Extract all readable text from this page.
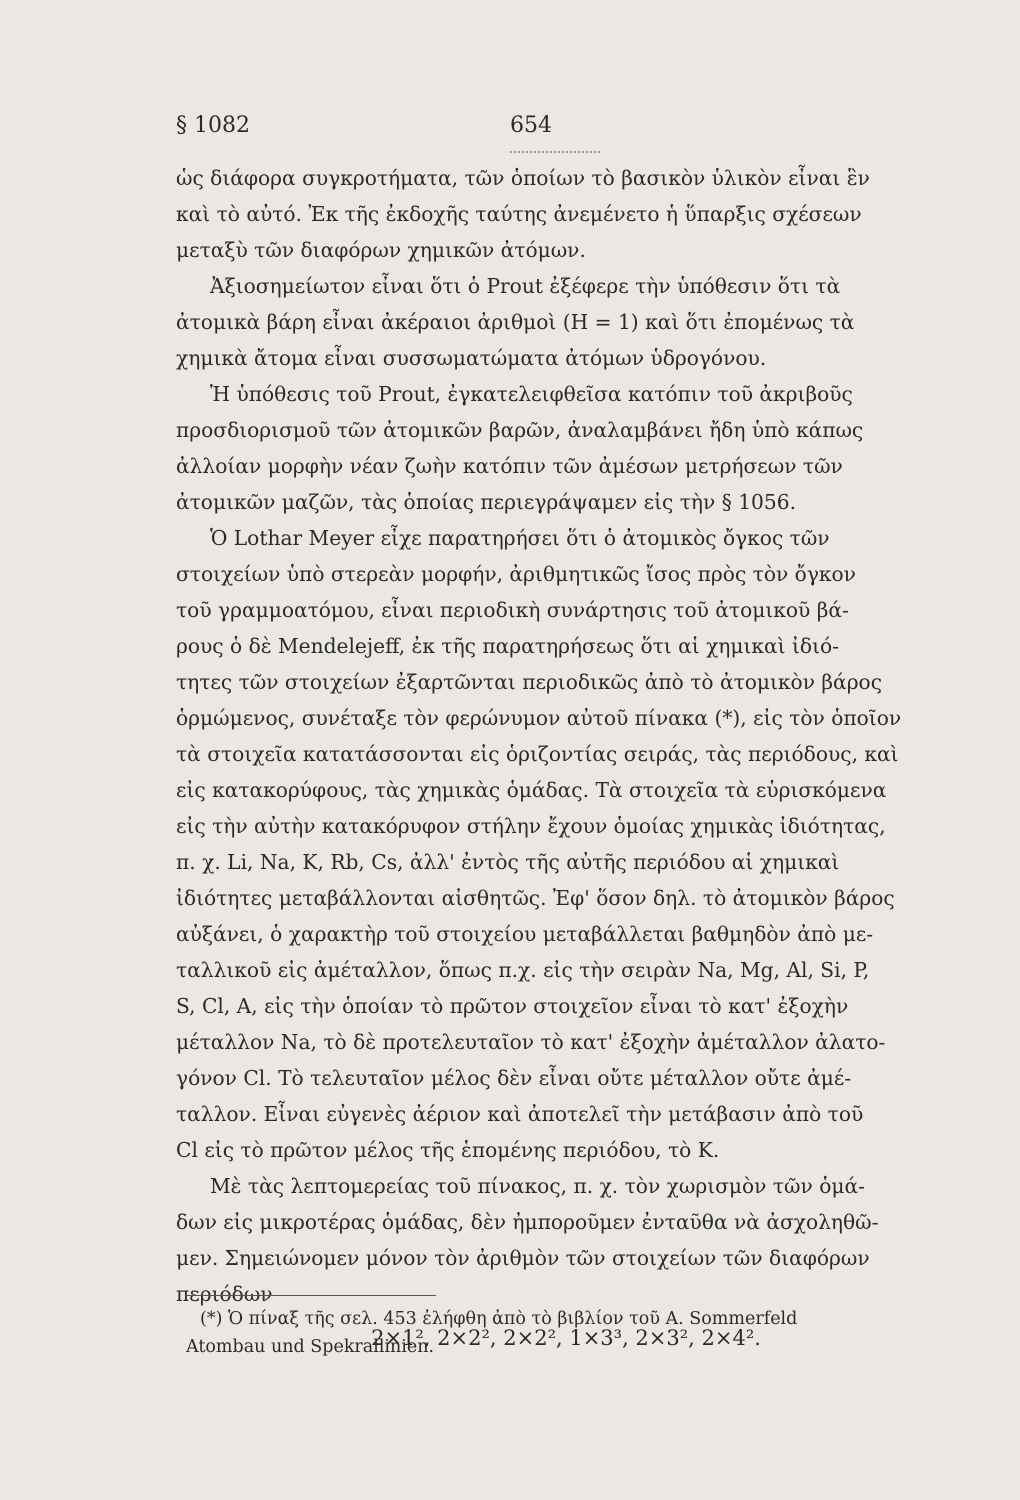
§ 1082	654
ὡς διάφορα συγκροτήματα, τῶν ὁποίων τὸ βασικὸν ὑλικὸν εἶναι ἓν
καὶ τὸ αὐτό. Ἐκ τῆς ἐκδοχῆς ταύτης ἀνεμένετο ἡ ὕπαρξις σχέσεων
μεταξὺ τῶν διαφόρων χημικῶν ἀτόμων.
Ἀξιοσημείωτον εἶναι ὅτι ὁ Prout ἐξέφερε τὴν ὑπόθεσιν ὅτι τὰ
ἀτομικὰ βάρη εἶναι ἀκέραιοι ἀριθμοὶ (H = 1) καὶ ὅτι ἐπομένως τὰ
χημικὰ ἄτομα εἶναι συσσωματώματα ἀτόμων ὑδρογόνου.
Ἡ ὑπόθεσις τοῦ Prout, ἐγκατελειφθεῖσα κατόπιν τοῦ ἀκριβοῦς
προσδιορισμοῦ τῶν ἀτομικῶν βαρῶν, ἀναλαμβάνει ἤδη ὑπὸ κάπως
ἀλλοίαν μορφὴν νέαν ζωὴν κατόπιν τῶν ἀμέσων μετρήσεων τῶν
ἀτομικῶν μαζῶν, τὰς ὁποίας περιεγράψαμεν εἰς τὴν § 1056.
Ὁ Lothar Meyer εἶχε παρατηρήσει ὅτι ὁ ἀτομικὸς ὄγκος τῶν
στοιχείων ὑπὸ στερεὰν μορφήν, ἀριθμητικῶς ἴσος πρὸς τὸν ὄγκον
τοῦ γραμμοατόμου, εἶναι περιοδικὴ συνάρτησις τοῦ ἀτομικοῦ βά-
ρους ὁ δὲ Mendelejeff, ἐκ τῆς παρατηρήσεως ὅτι αἱ χημικαὶ ἰδιό-
τητες τῶν στοιχείων ἐξαρτῶνται περιοδικῶς ἀπὸ τὸ ἀτομικὸν βάρος
ὁρμώμενος, συνέταξε τὸν φερώνυμον αὐτοῦ πίνακα (*), εἰς τὸν ὁποῖον
τὰ στοιχεῖα κατατάσσονται εἰς ὁριζοντίας σειράς, τὰς περιόδους, καὶ
εἰς κατακορύφους, τὰς χημικὰς ὁμάδας. Τὰ στοιχεῖα τὰ εὑρισκόμενα
εἰς τὴν αὐτὴν κατακόρυφον στήλην ἔχουν ὁμοίας χημικὰς ἰδιότητας,
π. χ. Li, Na, K, Rb, Cs, ἀλλ' ἐντὸς τῆς αὐτῆς περιόδου αἱ χημικαὶ
ἰδιότητες μεταβάλλονται αἰσθητῶς. Ἐφ' ὅσον δηλ. τὸ ἀτομικὸν βάρος
αὐξάνει, ὁ χαρακτὴρ τοῦ στοιχείου μεταβάλλεται βαθμηδὸν ἀπὸ με-
ταλλικοῦ εἰς ἀμέταλλον, ὅπως π.χ. εἰς τὴν σειρὰν Na, Mg, Al, Si, P,
S, Cl, A, εἰς τὴν ὁποίαν τὸ πρῶτον στοιχεῖον εἶναι τὸ κατ' ἐξοχὴν
μέταλλον Na, τὸ δὲ προτελευταῖον τὸ κατ' ἐξοχὴν ἀμέταλλον ἀλατο-
γόνον Cl. Τὸ τελευταῖον μέλος δὲν εἶναι οὔτε μέταλλον οὔτε ἀμέ-
ταλλον. Εἶναι εὐγενὲς ἀέριον καὶ ἀποτελεῖ τὴν μετάβασιν ἀπὸ τοῦ
Cl εἰς τὸ πρῶτον μέλος τῆς ἑπομένης περιόδου, τὸ K.
Μὲ τὰς λεπτομερείας τοῦ πίνακος, π. χ. τὸν χωρισμὸν τῶν ὁμά-
δων εἰς μικροτέρας ὁμάδας, δὲν ἠμποροῦμεν ἐνταῦθα νὰ ἀσχοληθῶ-
μεν. Σημειώνομεν μόνον τὸν ἀριθμὸν τῶν στοιχείων τῶν διαφόρων
περιόδων
2×1², 2×2², 2×2², 1×3³, 2×3², 2×4².
(*) Ὁ πίναξ τῆς σελ. 453 ἐλήφθη ἀπὸ τὸ βιβλίον τοῦ A. Sommerfeld
Atombau und Spekrallinien.
